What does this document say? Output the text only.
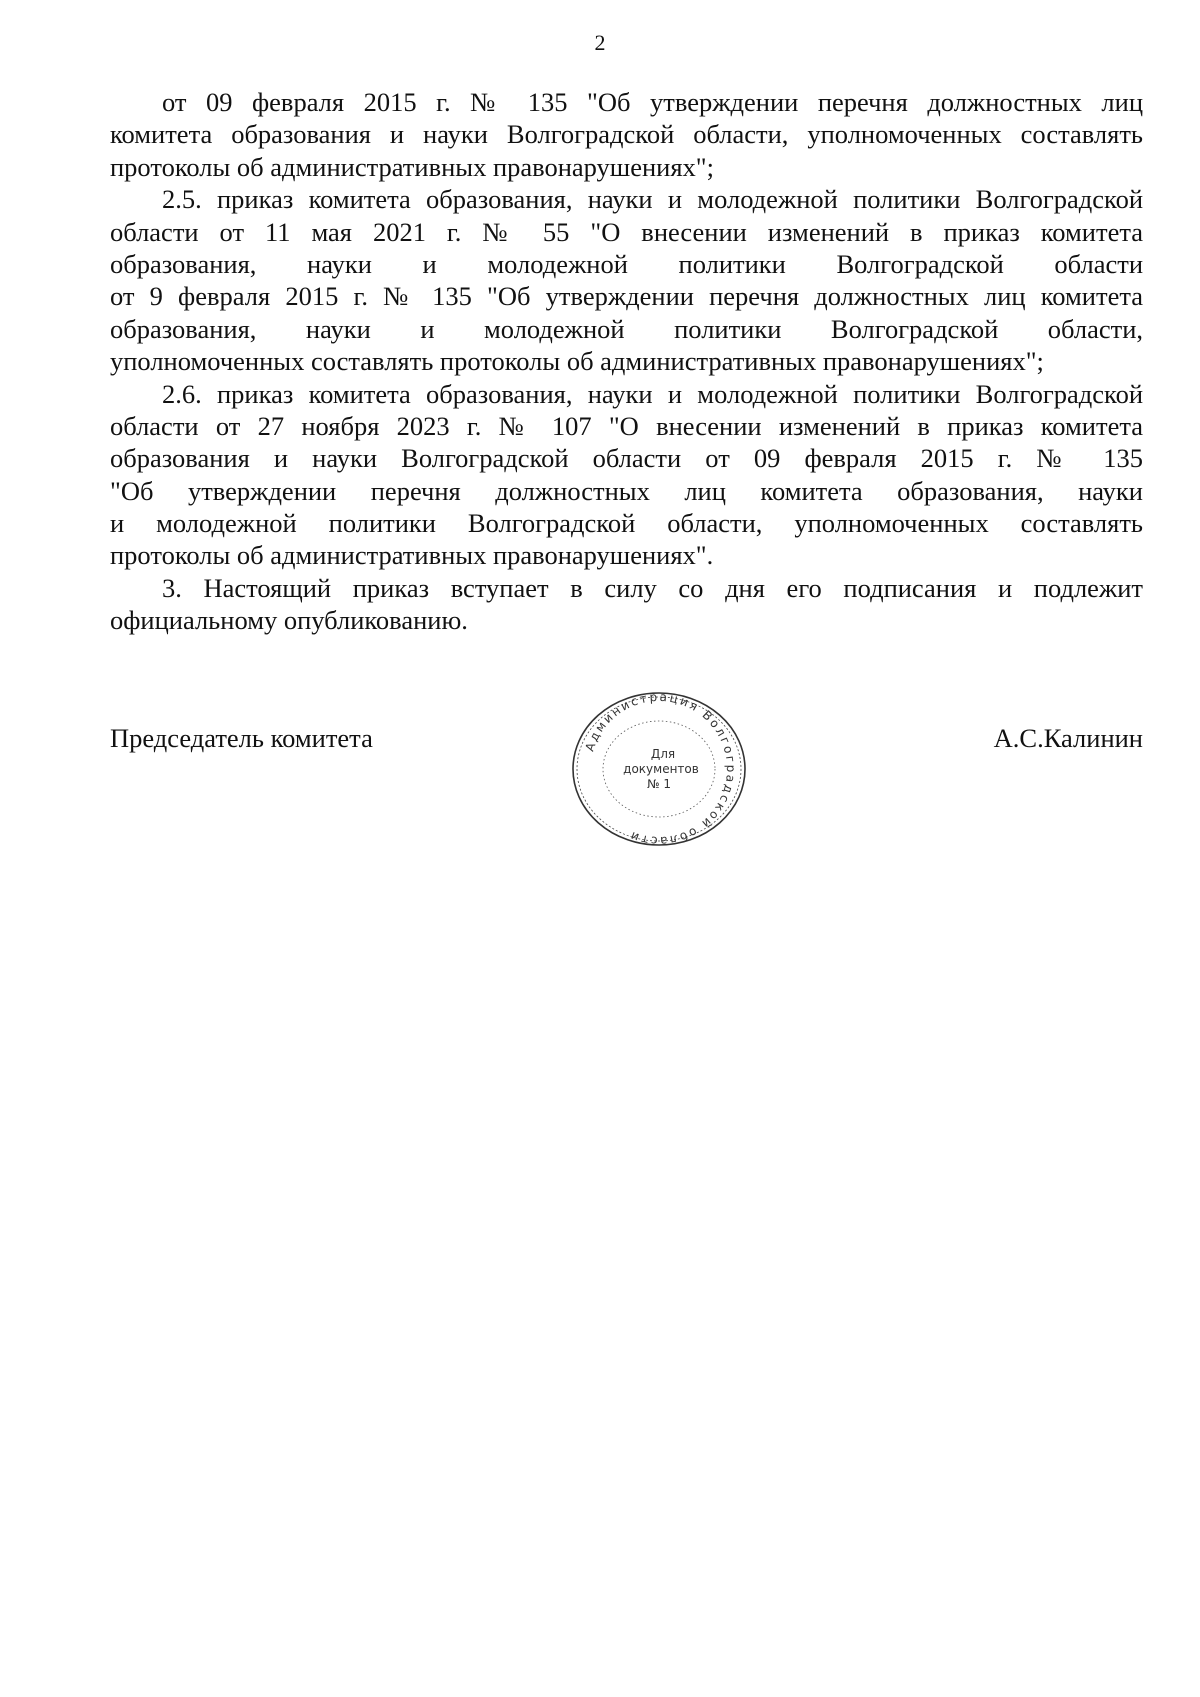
2
от 09 февраля 2015 г. № 135 "Об утверждении перечня должностных лиц
комитета образования и науки Волгоградской области, уполномоченных составлять
протоколы об административных правонарушениях";
2.5. приказ комитета образования, науки и молодежной политики Волгоградской
области от 11 мая 2021 г. № 55 "О внесении изменений в приказ комитета
образования, науки и молодежной политики Волгоградской области
от 9 февраля 2015 г. № 135 "Об утверждении перечня должностных лиц комитета
образования, науки и молодежной политики Волгоградской области,
уполномоченных составлять протоколы об административных правонарушениях";
2.6. приказ комитета образования, науки и молодежной политики Волгоградской
области от 27 ноября 2023 г. № 107 "О внесении изменений в приказ комитета
образования и науки Волгоградской области от 09 февраля 2015 г. № 135
"Об утверждении перечня должностных лиц комитета образования, науки
и молодежной политики Волгоградской области, уполномоченных составлять
протоколы об административных правонарушениях".
3. Настоящий приказ вступает в силу со дня его подписания и подлежит
официальному опубликованию.
Председатель комитета	А.С.Калинин
Администрация Волгоградской области
Для
документов
№ 1
